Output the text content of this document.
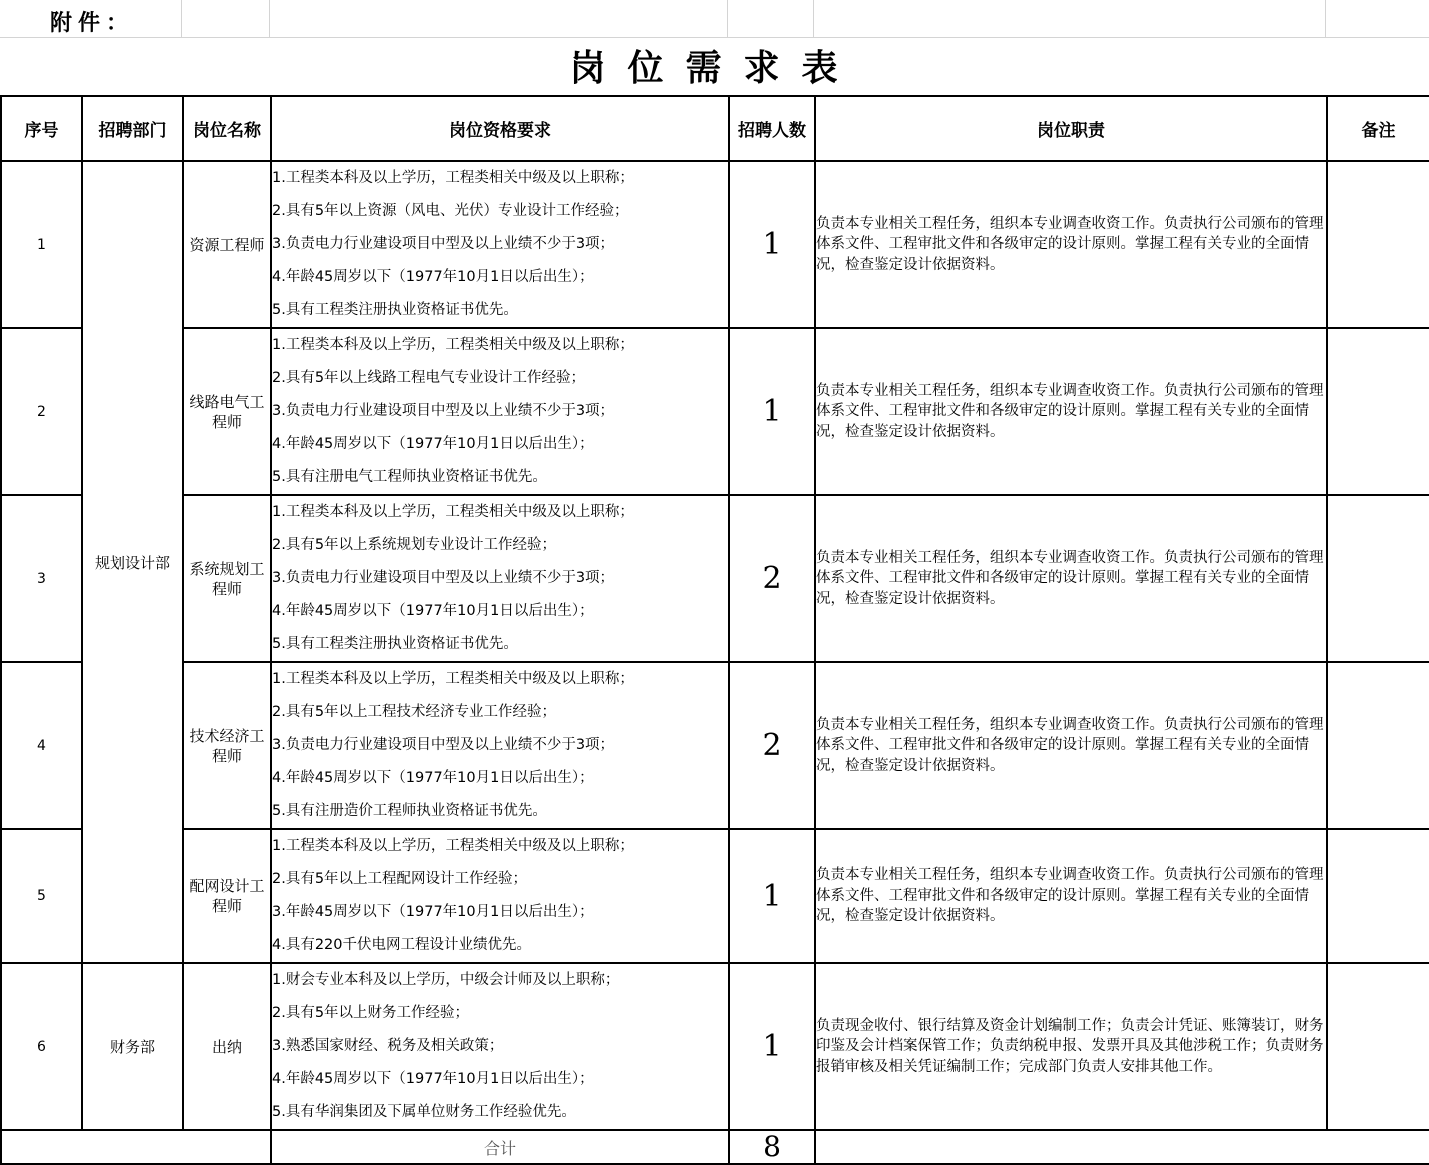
附件：
岗位需求表
序号	招聘部门	岗位名称	岗位资格要求	招聘人数	岗位职责	备注
1	规划设计部	资源工程师	1.工程类本科及以上学历，工程类相关中级及以上职称；
2.具有5年以上资源（风电、光伏）专业设计工作经验；
3.负责电力行业建设项目中型及以上业绩不少于3项；
4.年龄45周岁以下（1977年10月1日以后出生）；
5.具有工程类注册执业资格证书优先。	1	负责本专业相关工程任务，组织本专业调查收资工作。负责执行公司颁布的管理体系文件、工程审批文件和各级审定的设计原则。掌握工程有关专业的全面情况，检查鉴定设计依据资料。	
2		线路电气工程师	1.工程类本科及以上学历，工程类相关中级及以上职称；
2.具有5年以上线路工程电气专业设计工作经验；
3.负责电力行业建设项目中型及以上业绩不少于3项；
4.年龄45周岁以下（1977年10月1日以后出生）；
5.具有注册电气工程师执业资格证书优先。	1	负责本专业相关工程任务，组织本专业调查收资工作。负责执行公司颁布的管理体系文件、工程审批文件和各级审定的设计原则。掌握工程有关专业的全面情况，检查鉴定设计依据资料。	
3		系统规划工程师	1.工程类本科及以上学历，工程类相关中级及以上职称；
2.具有5年以上系统规划专业设计工作经验；
3.负责电力行业建设项目中型及以上业绩不少于3项；
4.年龄45周岁以下（1977年10月1日以后出生）；
5.具有工程类注册执业资格证书优先。	2	负责本专业相关工程任务，组织本专业调查收资工作。负责执行公司颁布的管理体系文件、工程审批文件和各级审定的设计原则。掌握工程有关专业的全面情况，检查鉴定设计依据资料。	
4		技术经济工程师	1.工程类本科及以上学历，工程类相关中级及以上职称；
2.具有5年以上工程技术经济专业工作经验；
3.负责电力行业建设项目中型及以上业绩不少于3项；
4.年龄45周岁以下（1977年10月1日以后出生）；
5.具有注册造价工程师执业资格证书优先。	2	负责本专业相关工程任务，组织本专业调查收资工作。负责执行公司颁布的管理体系文件、工程审批文件和各级审定的设计原则。掌握工程有关专业的全面情况，检查鉴定设计依据资料。	
5		配网设计工程师	1.工程类本科及以上学历，工程类相关中级及以上职称；
2.具有5年以上工程配网设计工作经验；
3.年龄45周岁以下（1977年10月1日以后出生）；
4.具有220千伏电网工程设计业绩优先。	1	负责本专业相关工程任务，组织本专业调查收资工作。负责执行公司颁布的管理体系文件、工程审批文件和各级审定的设计原则。掌握工程有关专业的全面情况，检查鉴定设计依据资料。	
6	财务部	出纳	1.财会专业本科及以上学历，中级会计师及以上职称；
2.具有5年以上财务工作经验；
3.熟悉国家财经、税务及相关政策；
4.年龄45周岁以下（1977年10月1日以后出生）；
5.具有华润集团及下属单位财务工作经验优先。	1	负责现金收付、银行结算及资金计划编制工作；负责会计凭证、账簿装订，财务印鉴及会计档案保管工作；负责纳税申报、发票开具及其他涉税工作；负责财务报销审核及相关凭证编制工作；完成部门负责人安排其他工作。	
			合计	8		
